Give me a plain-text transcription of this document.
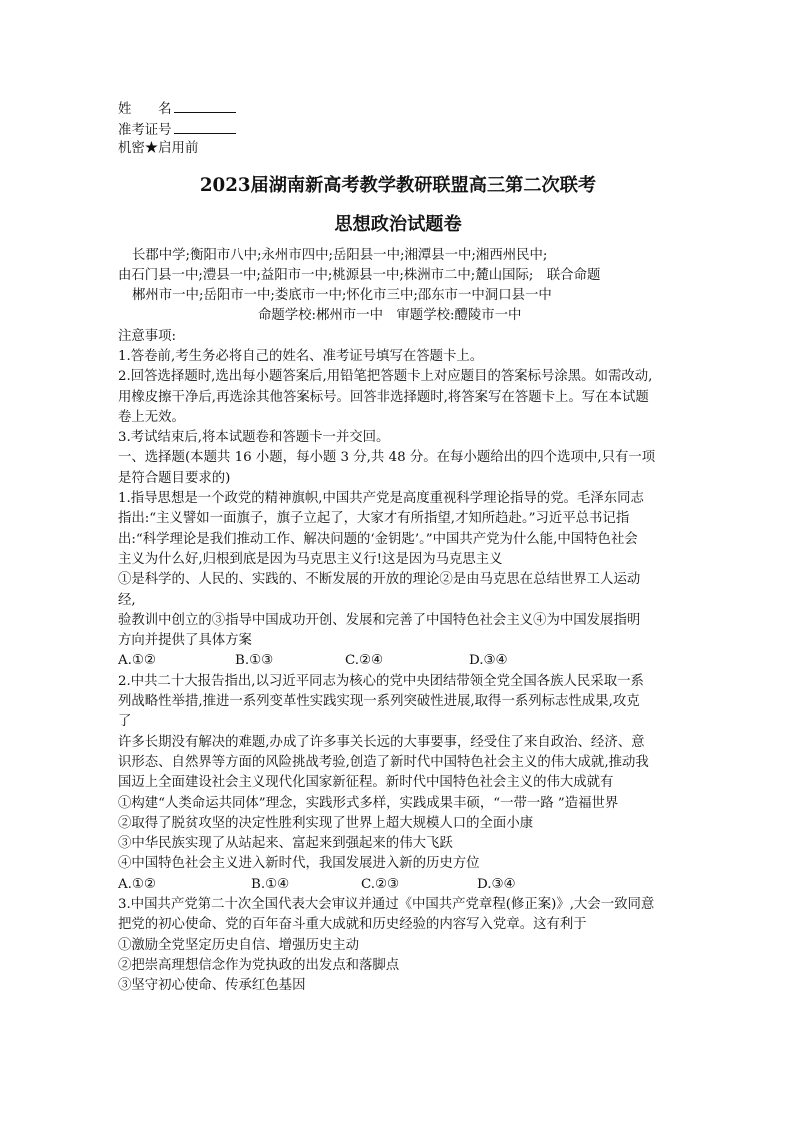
姓　　名
准考证号
机密★启用前
2023届湖南新高考教学教研联盟高三第二次联考
思想政治试题卷
长郡中学;衡阳市八中;永州市四中;岳阳县一中;湘潭县一中;湘西州民中;
由石门县一中;澧县一中;益阳市一中;桃源县一中;株洲市二中;麓山国际;　联合命题
郴州市一中;岳阳市一中;娄底市一中;怀化市三中;邵东市一中洞口县一中
命题学校:郴州市一中　审题学校:醴陵市一中
注意事项:
1.答卷前,考生务必将自己的姓名、准考证号填写在答题卡上。
2.回答选择题时,选出每小题答案后,用铅笔把答题卡上对应题目的答案标号涂黑。如需改动,
用橡皮擦干净后,再选涂其他答案标号。回答非选择题时,将答案写在答题卡上。写在本试题
卷上无效。
3.考试结束后,将本试题卷和答题卡一并交回。
一、选择题(本题共 16 小题，每小题 3 分,共 48 分。在每小题给出的四个选项中,只有一项
是符合题目要求的)
1.指导思想是一个政党的精神旗帜,中国共产党是高度重视科学理论指导的党。毛泽东同志
指出:“主义譬如一面旗子，旗子立起了，大家才有所指望,才知所趋赴。”习近平总书记指
出:“科学理论是我们推动工作、解决问题的‘金钥匙’。”中国共产党为什么能,中国特色社会
主义为什么好,归根到底是因为马克思主义行!这是因为马克思主义
①是科学的、人民的、实践的、不断发展的开放的理论②是由马克思在总结世界工人运动
经,
验教训中创立的③指导中国成功开创、发展和完善了中国特色社会主义④为中国发展指明
方向并提供了具体方案
A.①②	B.①③	C.②④	D.③④
2.中共二十大报告指出,以习近平同志为核心的党中央团结带领全党全国各族人民采取一系
列战略性举措,推进一系列变革性实践实现一系列突破性进展,取得一系列标志性成果,攻克
了
许多长期没有解决的难题,办成了许多事关长远的大事要事，经受住了来自政治、经济、意
识形态、自然界等方面的风险挑战考验,创造了新时代中国特色社会主义的伟大成就,推动我
国迈上全面建设社会主义现代化国家新征程。新时代中国特色社会主义的伟大成就有
①构建“人类命运共同体”理念，实践形式多样，实践成果丰硕，“一带一路 ”造福世界
②取得了脱贫攻坚的决定性胜利实现了世界上超大规模人口的全面小康
③中华民族实现了从站起来、富起来到强起来的伟大飞跃
④中国特色社会主义进入新时代，我国发展进入新的历史方位
A.①②	B.①④	C.②③	D.③④
3.中国共产党第二十次全国代表大会审议并通过《中国共产党章程(修正案)》,大会一致同意
把党的初心使命、党的百年奋斗重大成就和历史经验的内容写入党章。这有利于
①激励全党坚定历史自信、增强历史主动
②把崇高理想信念作为党执政的出发点和落脚点
③坚守初心使命、传承红色基因
